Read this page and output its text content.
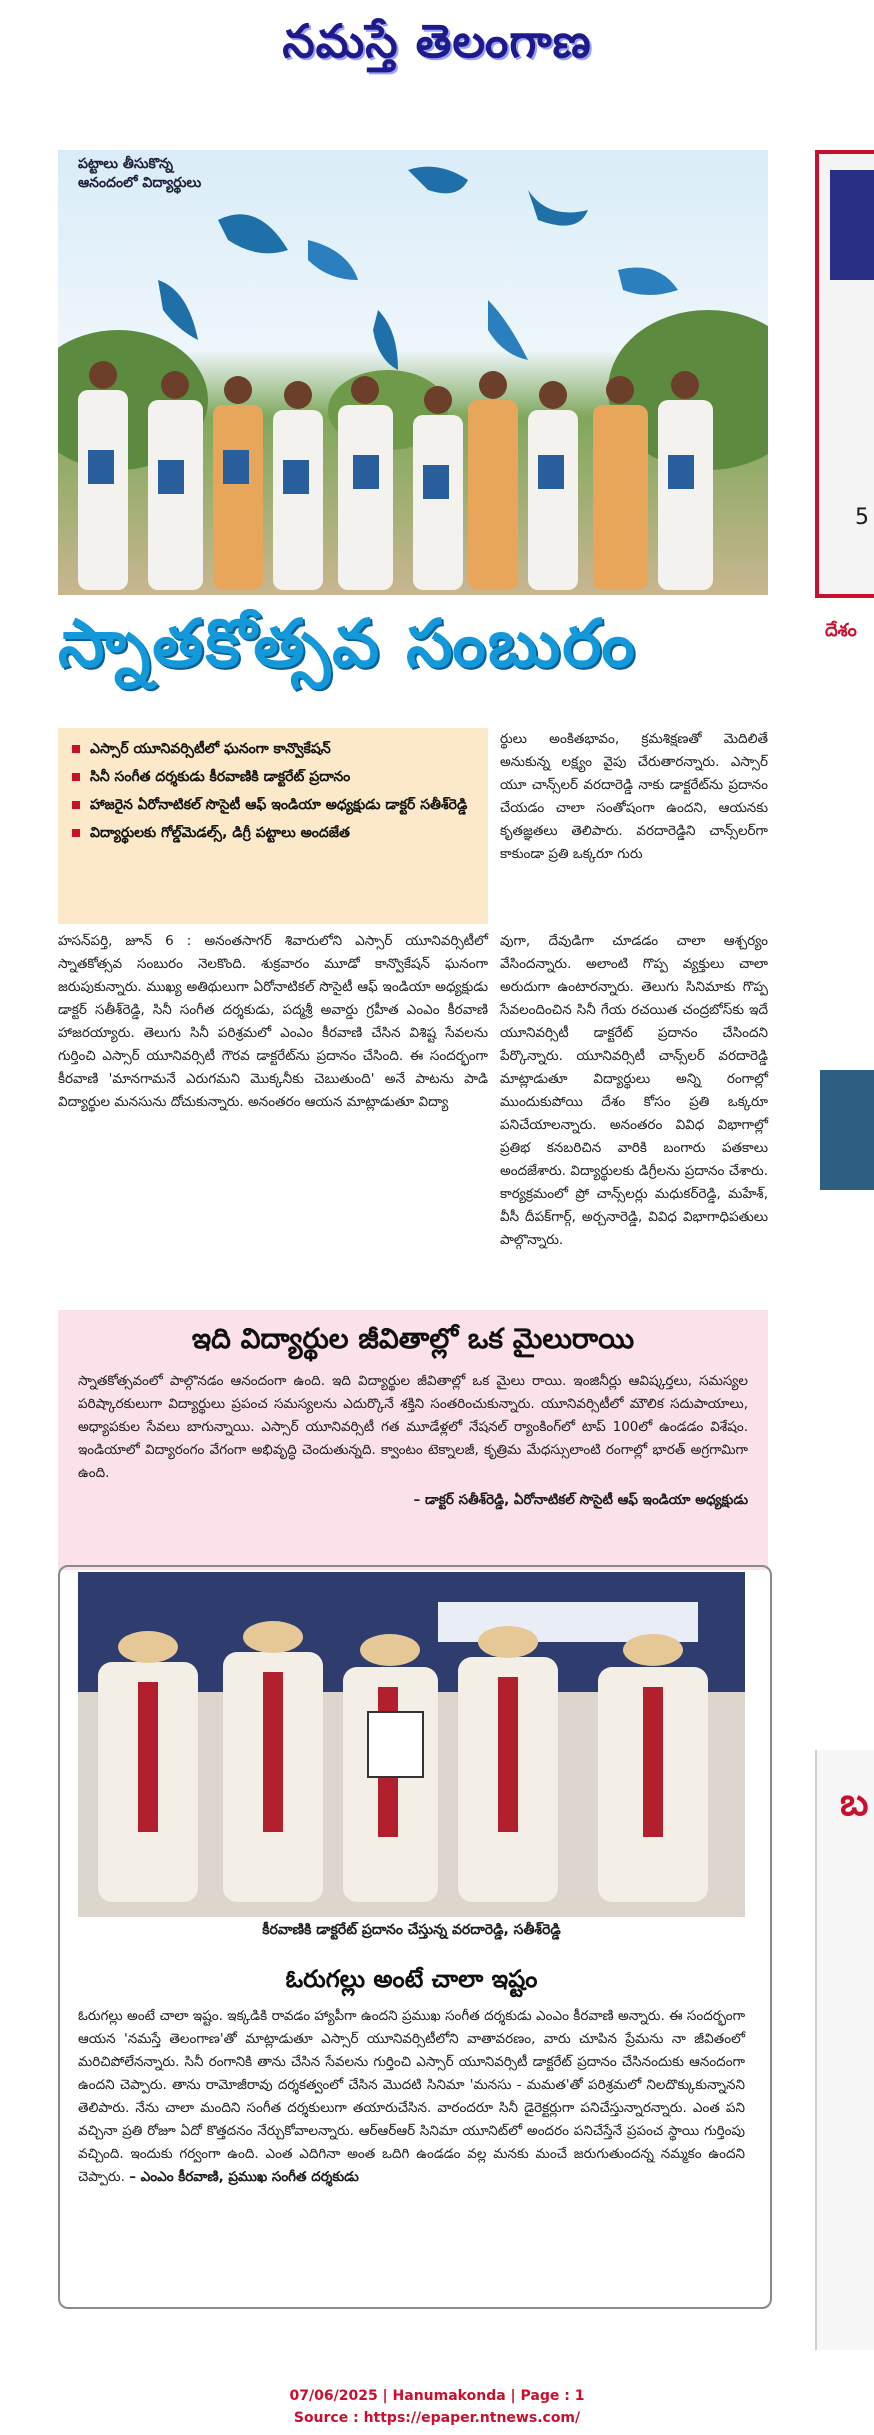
నమస్తే తెలంగాణ
పట్టాలు తీసుకొన్న
ఆనందంలో విద్యార్థులు
స్నాతకోత్సవ సంబురం
ఎస్సార్ యూనివర్సిటీలో ఘనంగా కాన్వొకేషన్
సినీ సంగీత దర్శకుడు కీరవాణికి డాక్టరేట్ ప్రదానం
హాజరైన ఏరోనాటికల్ సొసైటీ ఆఫ్ ఇండియా అధ్యక్షుడు డాక్టర్ సతీశ్‌రెడ్డి
విద్యార్థులకు గోల్డ్‌మెడల్స్, డిగ్రీ పట్టాలు అందజేత
ర్థులు అంకితభావం, క్రమశిక్షణతో మెదిలితే అనుకున్న లక్ష్యం వైపు చేరుతారన్నారు. ఎస్సార్ యూ చాన్స్‌లర్ వరదారెడ్డి నాకు డాక్టరేట్‌ను ప్రదానం చేయడం చాలా సంతోషంగా ఉందని, ఆయనకు కృతజ్ఞతలు తెలిపారు. వరదారెడ్డిని చాన్స్‌లర్‌గా కాకుండా ప్రతి ఒక్కరూ గురు
హసన్‌పర్తి, జూన్ 6 : అనంతసాగర్ శివారులోని ఎస్సార్ యూనివర్సిటీలో స్నాతకోత్సవ సంబురం నెలకొంది. శుక్రవారం మూడో కాన్వొకేషన్ ఘనంగా జరుపుకున్నారు. ముఖ్య అతిథులుగా ఏరోనాటికల్ సొసైటీ ఆఫ్ ఇండియా అధ్యక్షుడు డాక్టర్ సతీశ్‌రెడ్డి, సినీ సంగీత దర్శకుడు, పద్మశ్రీ అవార్డు గ్రహీత ఎంఎం కీరవాణి హాజరయ్యారు. తెలుగు సినీ పరిశ్రమలో ఎంఎం కీరవాణి చేసిన విశిష్ట సేవలను గుర్తించి ఎస్సార్ యూనివర్సిటీ గౌరవ డాక్టరేట్‌ను ప్రదానం చేసింది. ఈ సందర్భంగా కీరవాణి 'మానగామనే ఎరుగమని మొక్కనీకు చెబుతుంది' అనే పాటను పాడి విద్యార్థుల మనసును దోచుకున్నారు. అనంతరం ఆయన మాట్లాడుతూ విద్యా
వుగా, దేవుడిగా చూడడం చాలా ఆశ్చర్యం వేసిందన్నారు. అలాంటి గొప్ప వ్యక్తులు చాలా అరుదుగా ఉంటారన్నారు. తెలుగు సినిమాకు గొప్ప సేవలందించిన సినీ గేయ రచయిత చంద్రబోస్‌కు ఇదే యూనివర్సిటీ డాక్టరేట్ ప్రదానం చేసిందని పేర్కొన్నారు. యూనివర్సిటీ చాన్స్‌లర్ వరదారెడ్డి మాట్లాడుతూ విద్యార్థులు అన్ని రంగాల్లో ముందుకుపోయి దేశం కోసం ప్రతి ఒక్కరూ పనిచేయాలన్నారు. అనంతరం వివిధ విభాగాల్లో ప్రతిభ కనబరిచిన వారికి బంగారు పతకాలు అందజేశారు. విద్యార్థులకు డిగ్రీలను ప్రదానం చేశారు. కార్యక్రమంలో ప్రో చాన్స్‌లర్లు మధుకర్‌రెడ్డి, మహేశ్, వీసీ దీపక్‌గార్గ్, అర్చనారెడ్డి, వివిధ విభాగాధిపతులు పాల్గొన్నారు.
ఇది విద్యార్థుల జీవితాల్లో ఒక మైలురాయి

స్నాతకోత్సవంలో పాల్గొనడం ఆనందంగా ఉంది. ఇది విద్యార్థుల జీవితాల్లో ఒక మైలు రాయి. ఇంజినీర్లు ఆవిష్కర్తలు, సమస్యల పరిష్కారకులుగా విద్యార్థులు ప్రపంచ సమస్యలను ఎదుర్కొనే శక్తిని సంతరించుకున్నారు. యూనివర్సిటీలో మౌలిక సదుపాయాలు, అధ్యాపకుల సేవలు బాగున్నాయి. ఎస్సార్ యూనివర్సిటీ గత మూడేళ్లలో నేషనల్ ర్యాంకింగ్‌లో టాప్ 100లో ఉండడం విశేషం. ఇండియాలో విద్యారంగం వేగంగా అభివృద్ధి చెందుతున్నది. క్వాంటం టెక్నాలజీ, కృత్రిమ మేధస్సులాంటి రంగాల్లో భారత్ అగ్రగామిగా ఉంది.

– డాక్టర్ సతీశ్‌రెడ్డి, ఏరోనాటికల్ సొసైటీ ఆఫ్ ఇండియా అధ్యక్షుడు

కీరవాణికి డాక్టరేట్ ప్రదానం చేస్తున్న వరదారెడ్డి, సతీశ్‌రెడ్డి
ఓరుగల్లు అంటే చాలా ఇష్టం
ఓరుగల్లు అంటే చాలా ఇష్టం. ఇక్కడికి రావడం హ్యాపీగా ఉందని ప్రముఖ సంగీత దర్శకుడు ఎంఎం కీరవాణి అన్నారు. ఈ సందర్భంగా ఆయన 'నమస్తే తెలంగాణ'తో మాట్లాడుతూ ఎస్సార్ యూనివర్సిటీలోని వాతావరణం, వారు చూపిన ప్రేమను నా జీవితంలో మరిచిపోలేనన్నారు. సినీ రంగానికి తాను చేసిన సేవలను గుర్తించి ఎస్సార్ యూనివర్సిటీ డాక్టరేట్ ప్రదానం చేసినందుకు ఆనందంగా ఉందని చెప్పారు. తాను రామోజీరావు దర్శకత్వంలో చేసిన మొదటి సినిమా 'మనసు - మమత'తో పరిశ్రమలో నిలదొక్కుకున్నానని తెలిపారు. నేను చాలా మందిని సంగీత దర్శకులుగా తయారుచేసిన. వారందరూ సినీ డైరెక్టర్లుగా పనిచేస్తున్నారన్నారు. ఎంత పని వచ్చినా ప్రతి రోజూ ఏదో కొత్తదనం నేర్చుకోవాలన్నారు. ఆర్ఆర్ఆర్ సినిమా యూనిట్‌లో అందరం పనిచేస్తేనే ప్రపంచ స్థాయి గుర్తింపు వచ్చింది. ఇందుకు గర్వంగా ఉంది. ఎంత ఎదిగినా అంత ఒదిగి ఉండడం వల్ల మనకు మంచే జరుగుతుందన్న నమ్మకం ఉందని చెప్పారు. – ఎంఎం కీరవాణి, ప్రముఖ సంగీత దర్శకుడు
5
దేశం
బ
07/06/2025 | Hanumakonda | Page : 1
Source : https://epaper.ntnews.com/
